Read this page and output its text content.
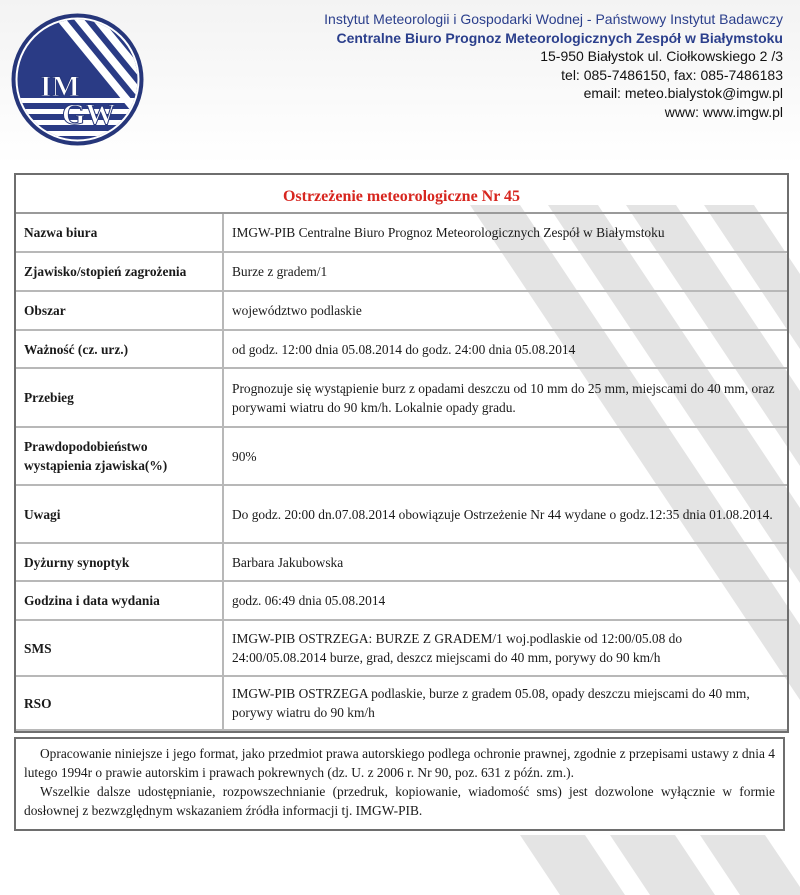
IM
GW
Instytut Meteorologii i Gospodarki Wodnej - Państwowy Instytut Badawczy
Centralne Biuro Prognoz Meteorologicznych Zespół w Białymstoku
15-950 Białystok ul. Ciołkowskiego 2 /3
tel: 085-7486150, fax: 085-7486183
email: meteo.bialystok@imgw.pl
www: www.imgw.pl
Ostrzeżenie meteorologiczne Nr 45
Nazwa biura	IMGW-PIB Centralne Biuro Prognoz Meteorologicznych Zespół w Białymstoku
Zjawisko/stopień zagrożenia	Burze z gradem/1
Obszar	województwo podlaskie
Ważność (cz. urz.)	od godz. 12:00 dnia 05.08.2014 do godz. 24:00 dnia 05.08.2014
Przebieg	Prognozuje się wystąpienie burz z opadami deszczu od 10 mm do 25 mm, miejscami do 40 mm, oraz porywami wiatru do 90 km/h. Lokalnie opady gradu.
Prawdopodobieństwo wystąpienia zjawiska(%)	90%
Uwagi	Do godz. 20:00 dn.07.08.2014 obowiązuje Ostrzeżenie Nr 44 wydane o godz.12:35 dnia 01.08.2014.
Dyżurny synoptyk	Barbara Jakubowska
Godzina i data wydania	godz. 06:49 dnia 05.08.2014
SMS	IMGW-PIB OSTRZEGA: BURZE Z GRADEM/1 woj.podlaskie od 12:00/05.08 do 24:00/05.08.2014 burze, grad, deszcz miejscami do 40 mm, porywy do 90 km/h
RSO	IMGW-PIB OSTRZEGA podlaskie, burze z gradem 05.08, opady deszczu miejscami do 40 mm, porywy wiatru do 90 km/h

Opracowanie niniejsze i jego format, jako przedmiot prawa autorskiego podlega ochronie prawnej, zgodnie z przepisami ustawy z dnia 4 lutego 1994r o prawie autorskim i prawach pokrewnych (dz. U. z 2006 r. Nr 90, poz. 631 z późn. zm.).

Wszelkie dalsze udostępnianie, rozpowszechnianie (przedruk, kopiowanie, wiadomość sms) jest dozwolone wyłącznie w formie dosłownej z bezwzględnym wskazaniem źródła informacji tj. IMGW-PIB.
